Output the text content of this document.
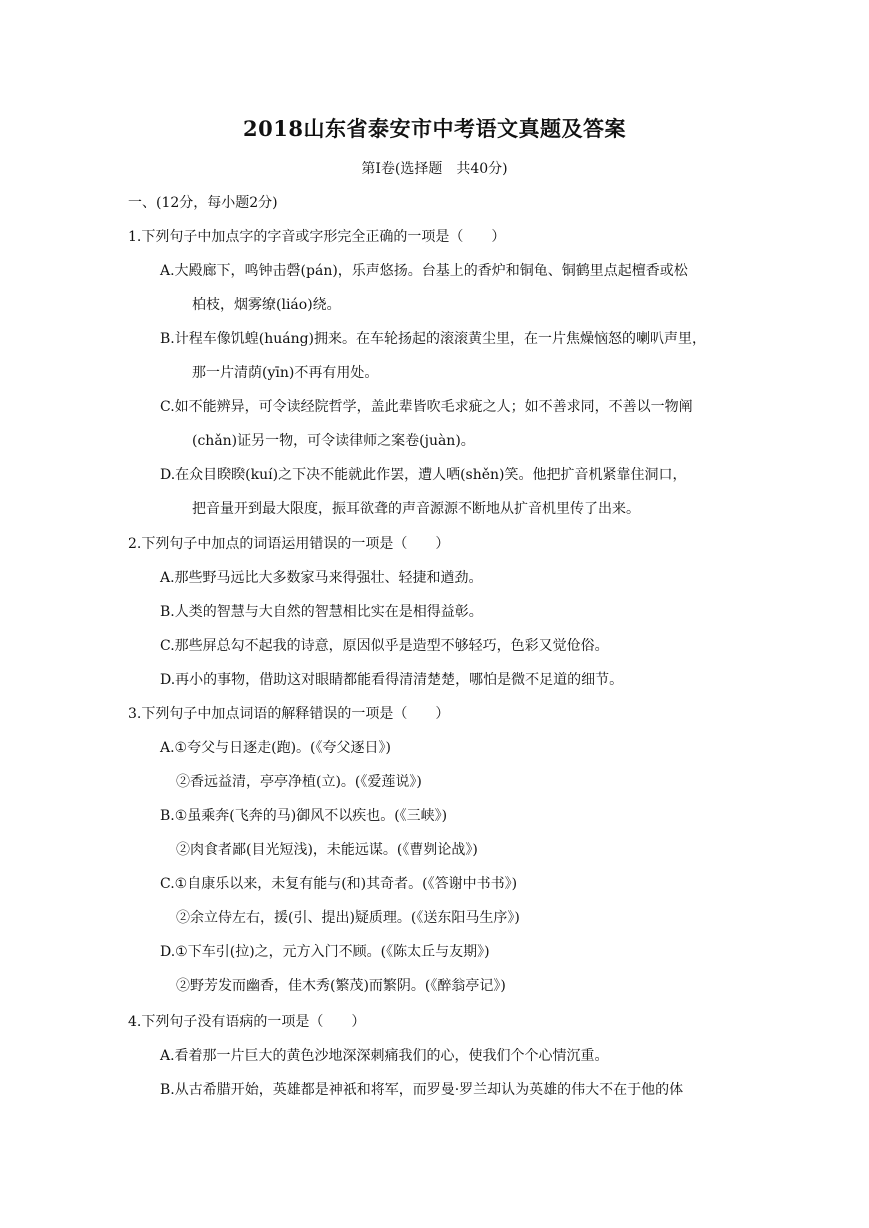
2018山东省泰安市中考语文真题及答案
第Ⅰ卷(选择题　共40分)
一、(12分，每小题2分)
1.下列句子中加点字的字音或字形完全正确的一项是（　　）
A.大殿廊下，鸣钟击磬(pán)，乐声悠扬。台基上的香炉和铜龟、铜鹤里点起檀香或松
柏枝，烟雾缭(liáo)绕。
B.计程车像饥蝗(huáng)拥来。在车轮扬起的滚滚黄尘里，在一片焦燥恼怒的喇叭声里，
那一片清荫(yīn)不再有用处。
C.如不能辨异，可令读经院哲学，盖此辈皆吹毛求疵之人；如不善求同，不善以一物阐
(chǎn)证另一物，可令读律师之案卷(juàn)。
D.在众目睽睽(kuí)之下决不能就此作罢，遭人哂(shěn)笑。他把扩音机紧靠住洞口，
把音量开到最大限度，振耳欲聋的声音源源不断地从扩音机里传了出来。
2.下列句子中加点的词语运用错误的一项是（　　）
A.那些野马远比大多数家马来得强壮、轻捷和遒劲。
B.人类的智慧与大自然的智慧相比实在是相得益彰。
C.那些屏总勾不起我的诗意，原因似乎是造型不够轻巧，色彩又觉伧俗。
D.再小的事物，借助这对眼睛都能看得清清楚楚，哪怕是微不足道的细节。
3.下列句子中加点词语的解释错误的一项是（　　）
A.①夸父与日逐走(跑)。(《夸父逐日》)
②香远益清，亭亭净植(立)。(《爱莲说》)
B.①虽乘奔(飞奔的马)御风不以疾也。(《三峡》)
②肉食者鄙(目光短浅)，未能远谋。(《曹刿论战》)
C.①自康乐以来，未复有能与(和)其奇者。(《答谢中书书》)
②余立侍左右，援(引、提出)疑质理。(《送东阳马生序》)
D.①下车引(拉)之，元方入门不顾。(《陈太丘与友期》)
②野芳发而幽香，佳木秀(繁茂)而繁阴。(《醉翁亭记》)
4.下列句子没有语病的一项是（　　）
A.看着那一片巨大的黄色沙地深深刺痛我们的心，使我们个个心情沉重。
B.从古希腊开始，英雄都是神祇和将军，而罗曼·罗兰却认为英雄的伟大不在于他的体
